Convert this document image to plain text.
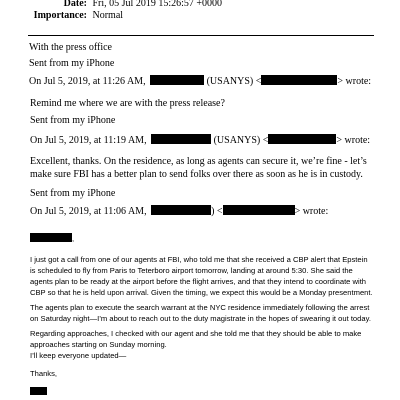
Date: Fri, 05 Jul 2019 15:26:57 +0000
Importance: Normal
With the press office
Sent from my iPhone
On Jul 5, 2019, at 11:26 AM,	(USANYS) <	> wrote:
Remind me where we are with the press release?
Sent from my iPhone
On Jul 5, 2019, at 11:19 AM,	(USANYS) <	> wrote:
Excellent, thanks. On the residence, as long as agents can secure it, we’re fine - let’s make sure FBI has a better plan to send folks over there as soon as he is in custody.
Sent from my iPhone
On Jul 5, 2019, at 11:06 AM,	) <	> wrote:
,
I just got a call from one of our agents at FBI, who told me that she received a CBP alert that Epstein is scheduled to fly from Paris to Teterboro airport tomorrow, landing at around 5:30. She said the agents plan to be ready at the airport before the flight arrives, and that they intend to coordinate with CBP so that he is held upon arrival. Given the timing, we expect this would be a Monday presentment.
The agents plan to execute the search warrant at the NYC residence immediately following the arrest on Saturday night—I’m about to reach out to the duty magistrate in the hopes of swearing it out today.
Regarding approaches, I checked with our agent and she told me that they should be able to make approaches starting on Sunday morning.
I’ll keep everyone updated—
Thanks,
